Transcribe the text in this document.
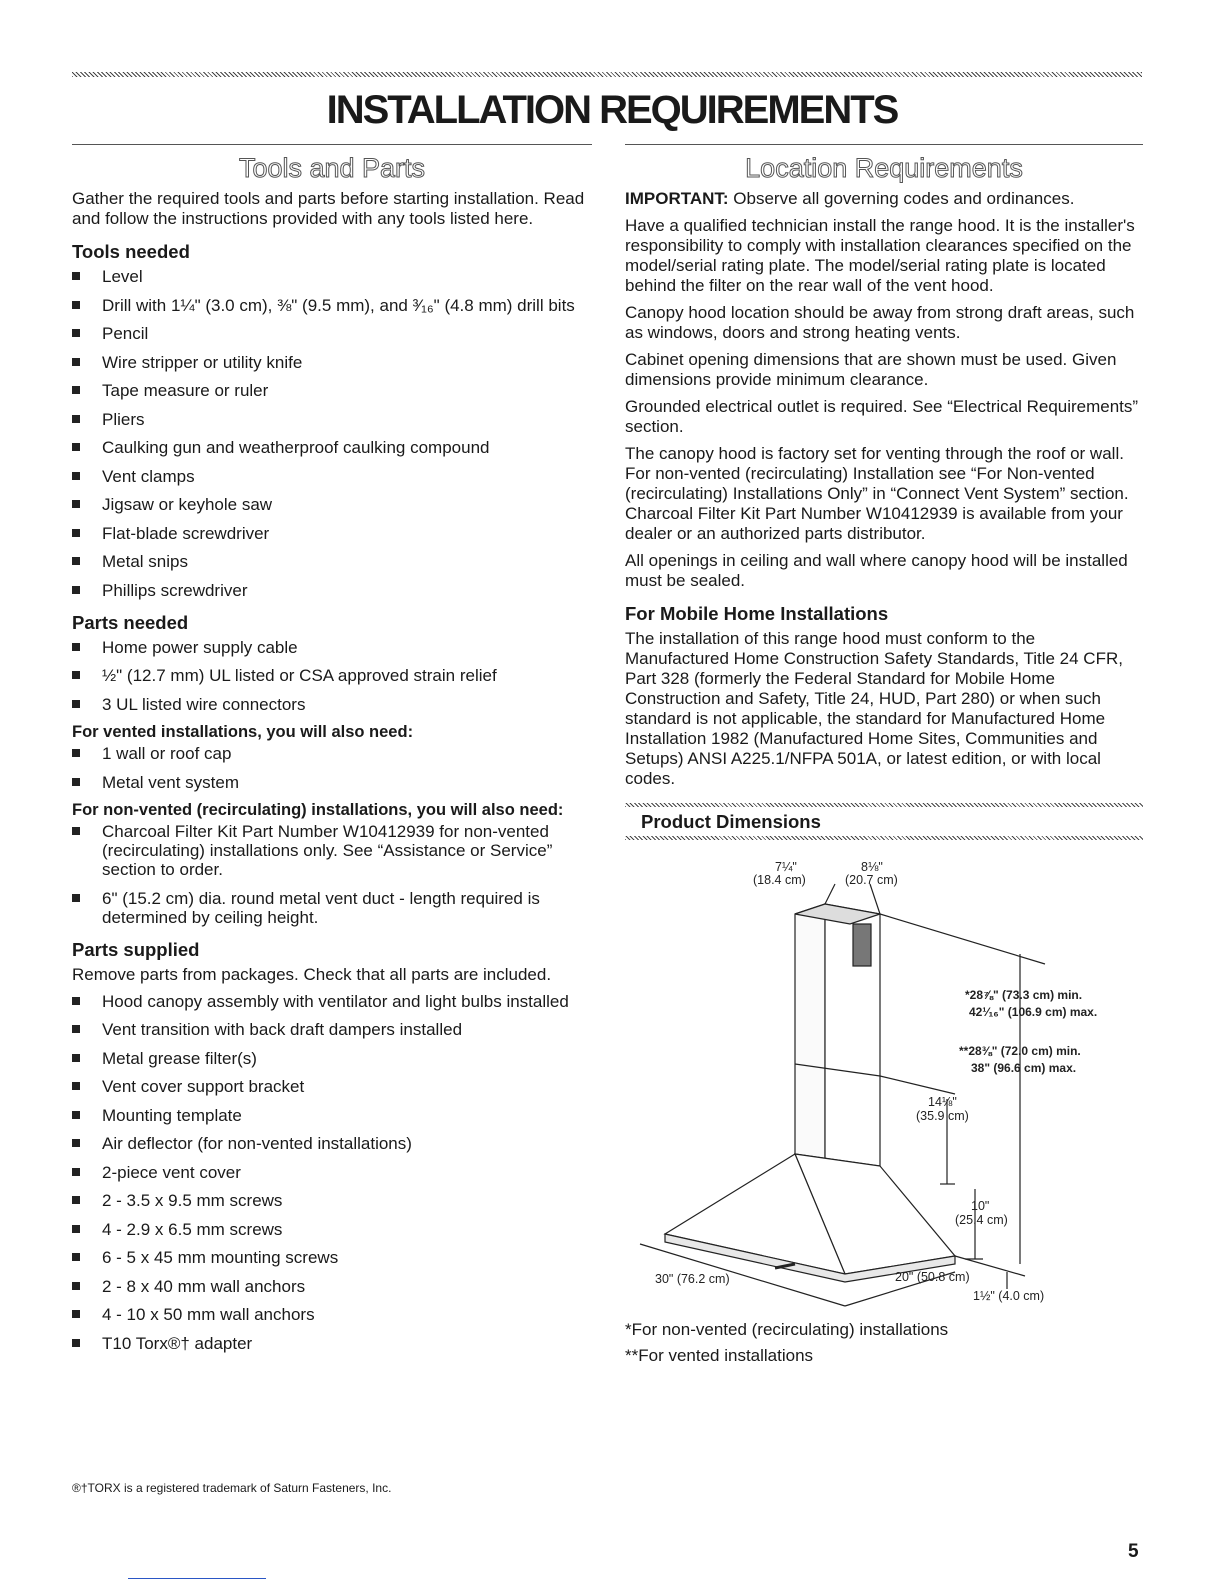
INSTALLATION REQUIREMENTS
Tools and Parts

Gather the required tools and parts before starting installation. Read and follow the instructions provided with any tools listed here.

Tools needed
Level
Drill with 1¼" (3.0 cm), ⅜" (9.5 mm), and ³⁄₁₆" (4.8 mm) drill bits
Pencil
Wire stripper or utility knife
Tape measure or ruler
Pliers
Caulking gun and weatherproof caulking compound
Vent clamps
Jigsaw or keyhole saw
Flat-blade screwdriver
Metal snips
Phillips screwdriver
Parts needed
Home power supply cable
½" (12.7 mm) UL listed or CSA approved strain relief
3 UL listed wire connectors
For vented installations, you will also need:
1 wall or roof cap
Metal vent system
For non-vented (recirculating) installations, you will also need:
Charcoal Filter Kit Part Number W10412939 for non-vented (recirculating) installations only. See “Assistance or Service” section to order.
6" (15.2 cm) dia. round metal vent duct - length required is determined by ceiling height.
Parts supplied

Remove parts from packages. Check that all parts are included.

Hood canopy assembly with ventilator and light bulbs installed
Vent transition with back draft dampers installed
Metal grease filter(s)
Vent cover support bracket
Mounting template
Air deflector (for non-vented installations)
2-piece vent cover
2 - 3.5 x 9.5 mm screws
4 - 2.9 x 6.5 mm screws
6 - 5 x 45 mm mounting screws
2 - 8 x 40 mm wall anchors
4 - 10 x 50 mm wall anchors
T10 Torx®† adapter
Location Requirements

IMPORTANT: Observe all governing codes and ordinances.

Have a qualified technician install the range hood. It is the installer's responsibility to comply with installation clearances specified on the model/serial rating plate. The model/serial rating plate is located behind the filter on the rear wall of the vent hood.

Canopy hood location should be away from strong draft areas, such as windows, doors and strong heating vents.

Cabinet opening dimensions that are shown must be used. Given dimensions provide minimum clearance.

Grounded electrical outlet is required. See “Electrical Requirements” section.

The canopy hood is factory set for venting through the roof or wall. For non-vented (recirculating) Installation see “For Non-vented (recirculating) Installations Only” in “Connect Vent System” section. Charcoal Filter Kit Part Number W10412939 is available from your dealer or an authorized parts distributor.

All openings in ceiling and wall where canopy hood will be installed must be sealed.

For Mobile Home Installations

The installation of this range hood must conform to the Manufactured Home Construction Safety Standards, Title 24 CFR, Part 328 (formerly the Federal Standard for Mobile Home Construction and Safety, Title 24, HUD, Part 280) or when such standard is not applicable, the standard for Manufactured Home Installation 1982 (Manufactured Home Sites, Communities and Setups) ANSI A225.1/NFPA 501A, or latest edition, or with local codes.

Product Dimensions
7¼"
(18.4 cm)
8⅛"
(20.7 cm)
*28⅞" (73.3 cm) min.
42¹⁄₁₆" (106.9 cm) max.
**28⅜" (72.0 cm) min.
38" (96.6 cm) max.
14⅛"
(35.9 cm)
10"
(25.4 cm)
30" (76.2 cm)	20" (50.8 cm)
1½" (4.0 cm)

*For non-vented (recirculating) installations

**For vented installations

®†TORX is a registered trademark of Saturn Fasteners, Inc.

5
